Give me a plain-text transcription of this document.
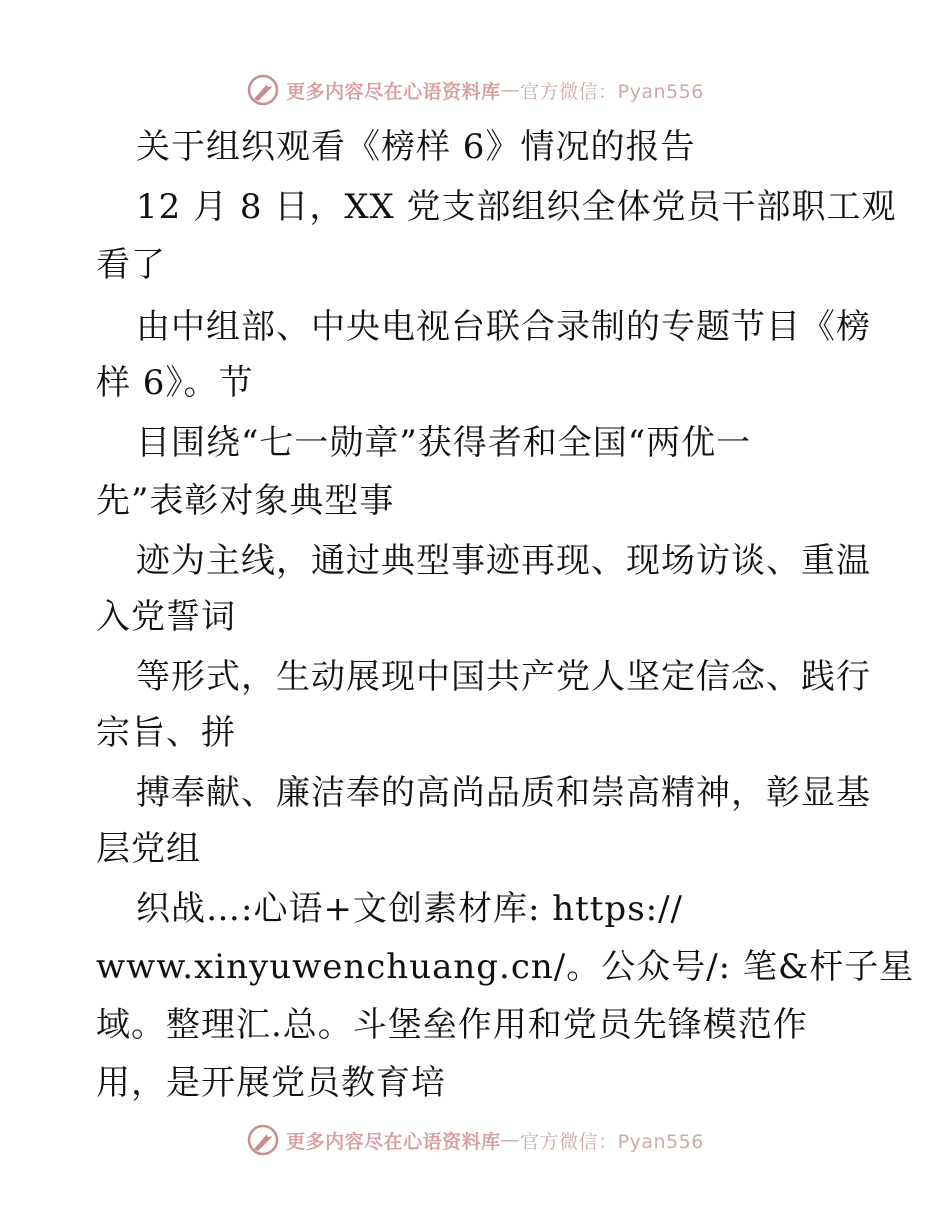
更多内容尽在心语资料库 — 官方微信：Pyan556
关于组织观看《榜样 6》情况的报告
12 月 8 日，XX 党支部组织全体党员干部职工观
看了
由中组部、中央电视台联合录制的专题节目《榜
样 6》。节
目围绕“七一勋章”获得者和全国“两优一
先”表彰对象典型事
迹为主线，通过典型事迹再现、现场访谈、重温
入党誓词
等形式，生动展现中国共产党人坚定信念、践行
宗旨、拼
搏奉献、廉洁奉的高尚品质和崇高精神，彰显基
层党组
织战…:心语+文创素材库: https://
www.xinyuwenchuang.cn/。公众号/: 笔&杆子星
域。整理汇.总。斗堡垒作用和党员先锋模范作
用，是开展党员教育培
更多内容尽在心语资料库 — 官方微信：Pyan556
